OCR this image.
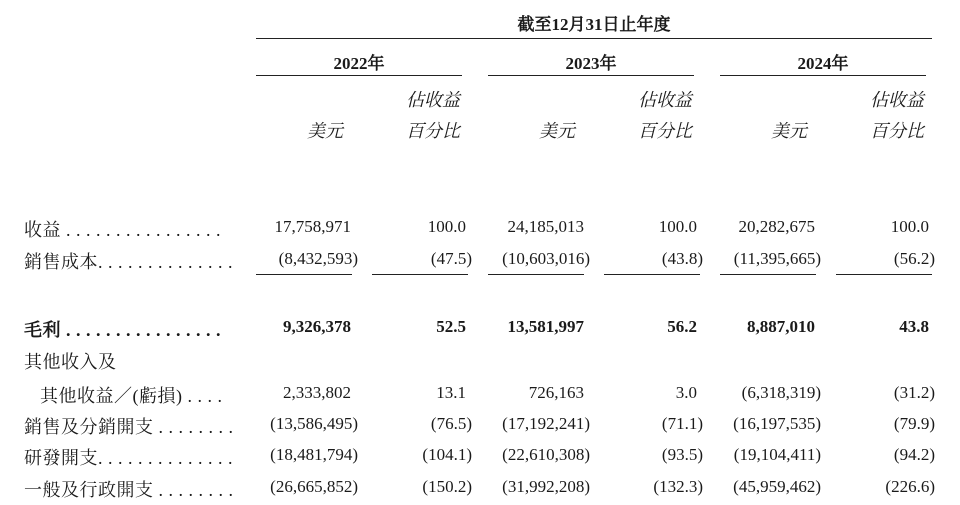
截至12月31日止年度
2022年	2023年	2024年
佔收益	佔收益	佔收益
美元	百分比	美元	百分比	美元	百分比
收益 . . . . . . . . . . . . . . . .	17,758,971	100.0 24,185,013	100.0 20,282,675	100.0
銷售成本. . . . . . . . . . . . . .	(8,432,593)	(47.5) (10,603,016)	(43.8) (11,395,665)	(56.2)
毛利 . . . . . . . . . . . . . . . .	9,326,378	52.5 13,581,997	56.2	8,887,010	43.8
其他收入及
其他收益／(虧損) . . . .	2,333,802	13.1	726,163	3.0	(6,318,319)	(31.2)
銷售及分銷開支 . . . . . . . . (13,586,495)	(76.5) (17,192,241)	(71.1) (16,197,535)	(79.9)
研發開支. . . . . . . . . . . . . . (18,481,794)	(104.1) (22,610,308)	(93.5) (19,104,411)	(94.2)
一般及行政開支 . . . . . . . . (26,665,852)	(150.2) (31,992,208)	(132.3) (45,959,462)	(226.6)
